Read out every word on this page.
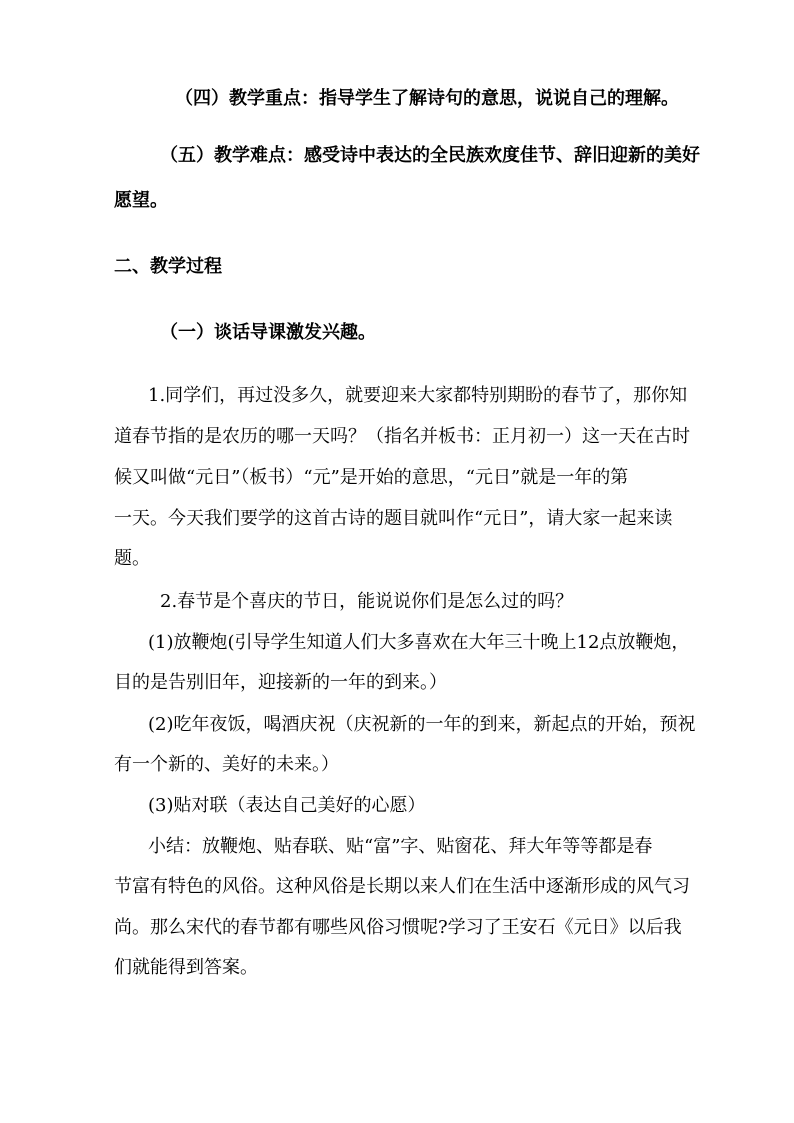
（四）教学重点：指导学生了解诗句的意思，说说自己的理解。
（五）教学难点：感受诗中表达的全民族欢度佳节、辞旧迎新的美好
愿望。
二、教学过程
（一）谈话导课激发兴趣。
1.同学们，再过没多久，就要迎来大家都特别期盼的春节了，那你知
道春节指的是农历的哪一天吗？（指名并板书：正月初一）这一天在古时
候又叫做“元日”（板书）“元”是开始的意思，“元日”就是一年的第
一天。今天我们要学的这首古诗的题目就叫作“元日”，请大家一起来读
题。
2.春节是个喜庆的节日，能说说你们是怎么过的吗？
(1)放鞭炮(引导学生知道人们大多喜欢在大年三十晚上12点放鞭炮，
目的是告别旧年，迎接新的一年的到来。）
(2)吃年夜饭，喝酒庆祝（庆祝新的一年的到来，新起点的开始，预祝
有一个新的、美好的未来。）
(3)贴对联（表达自己美好的心愿）
小结：放鞭炮、贴春联、贴“富”字、贴窗花、拜大年等等都是春
节富有特色的风俗。这种风俗是长期以来人们在生活中逐渐形成的风气习
尚。那么宋代的春节都有哪些风俗习惯呢?学习了王安石《元日》以后我
们就能得到答案。
